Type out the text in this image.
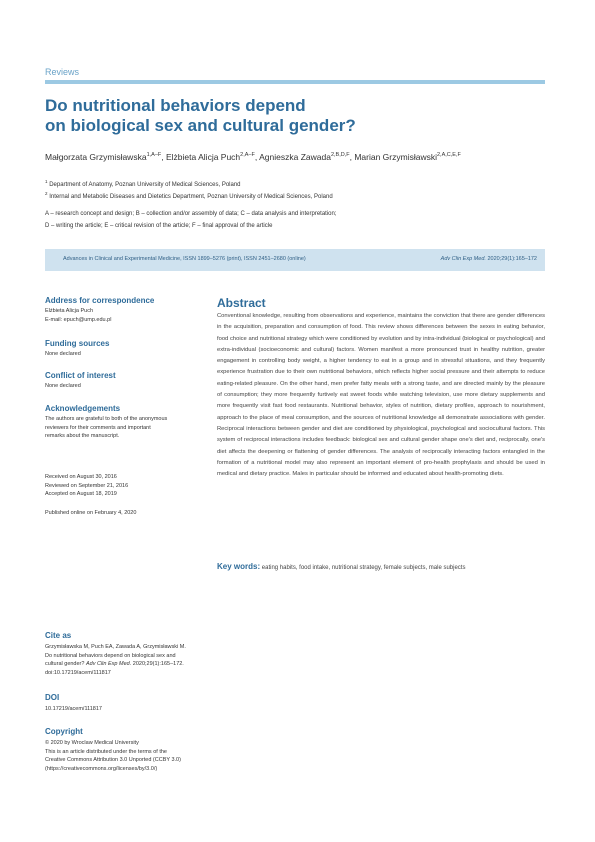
Reviews
Do nutritional behaviors depend
on biological sex and cultural gender?
Małgorzata Grzymisławska$^{1,A-F}$, Elżbieta Alicja Puch$^{2,A-F}$, Agnieszka Zawada$^{2,B,D,F}$, Marian Grzymisławski$^{2,A,C,E,F}$
$^1$ Department of Anatomy, Poznan University of Medical Sciences, Poland
$^2$ Internal and Metabolic Diseases and Dietetics Department, Poznan University of Medical Sciences, Poland
A – research concept and design; B – collection and/or assembly of data; C – data analysis and interpretation;
D – writing the article; E – critical revision of the article; F – final approval of the article
Advances in Clinical and Experimental Medicine, ISSN 1899–5276 (print), ISSN 2451–2680 (online)	Adv Clin Exp Med. 2020;29(1):165–172
Address for correspondence
Elżbieta Alicja Puch
E-mail: epuch@ump.edu.pl
Funding sources
None declared
Conflict of interest
None declared
Acknowledgements
The authors are grateful to both of the anonymous
reviewers for their comments and important
remarks about the manuscript.
Received on August 30, 2016
Reviewed on September 21, 2016
Accepted on August 18, 2019
Published online on February 4, 2020
Cite as
Grzymisławska M, Puch EA, Zawada A, Grzymisławski M.
Do nutritional behaviors depend on biological sex and
cultural gender? Adv Clin Exp Med. 2020;29(1):165–172.
doi:10.17219/acem/111817
DOI
10.17219/acem/111817
Copyright
© 2020 by Wroclaw Medical University
This is an article distributed under the terms of the
Creative Commons Attribution 3.0 Unported (CCBY 3.0)
(https://creativecommons.org/licenses/by/3.0/)
Abstract

Conventional knowledge, resulting from observations and experience, maintains the conviction that there are gender differences in the acquisition, preparation and consumption of food. This review shows differences between the sexes in eating behavior, food choice and nutritional strategy which were conditioned by evolution and by intra-individual (biological or psychological) and extra-individual (socioeconomic and cultural) factors. Women manifest a more pronounced trust in healthy nutrition, greater engagement in controlling body weight, a higher tendency to eat in a group and in stressful situations, and they frequently experience frustration due to their own nutritional behaviors, which reflects higher social pressure and their attempts to reduce eating-related pleasure. On the other hand, men prefer fatty meals with a strong taste, and are directed mainly by the pleasure of consumption; they more frequently furtively eat sweet foods while watching television, use more dietary supplements and more frequently visit fast food restaurants. Nutritional behavior, styles of nutrition, dietary profiles, approach to nourishment, approach to the place of meal consumption, and the sources of nutritional knowledge all demonstrate associations with gender. Reciprocal interactions between gender and diet are conditioned by physiological, psychological and sociocultural factors. This system of reciprocal interactions includes feedback: biological sex and cultural gender shape one's diet and, reciprocally, one's diet affects the deepening or flattening of gender differences. The analysis of reciprocally interacting factors entangled in the formation of a nutritional model may also represent an important element of pro-health prophylaxis and should be used in medical and dietary practice. Males in particular should be informed and educated about health-promoting diets.

Key words: eating habits, food intake, nutritional strategy, female subjects, male subjects
